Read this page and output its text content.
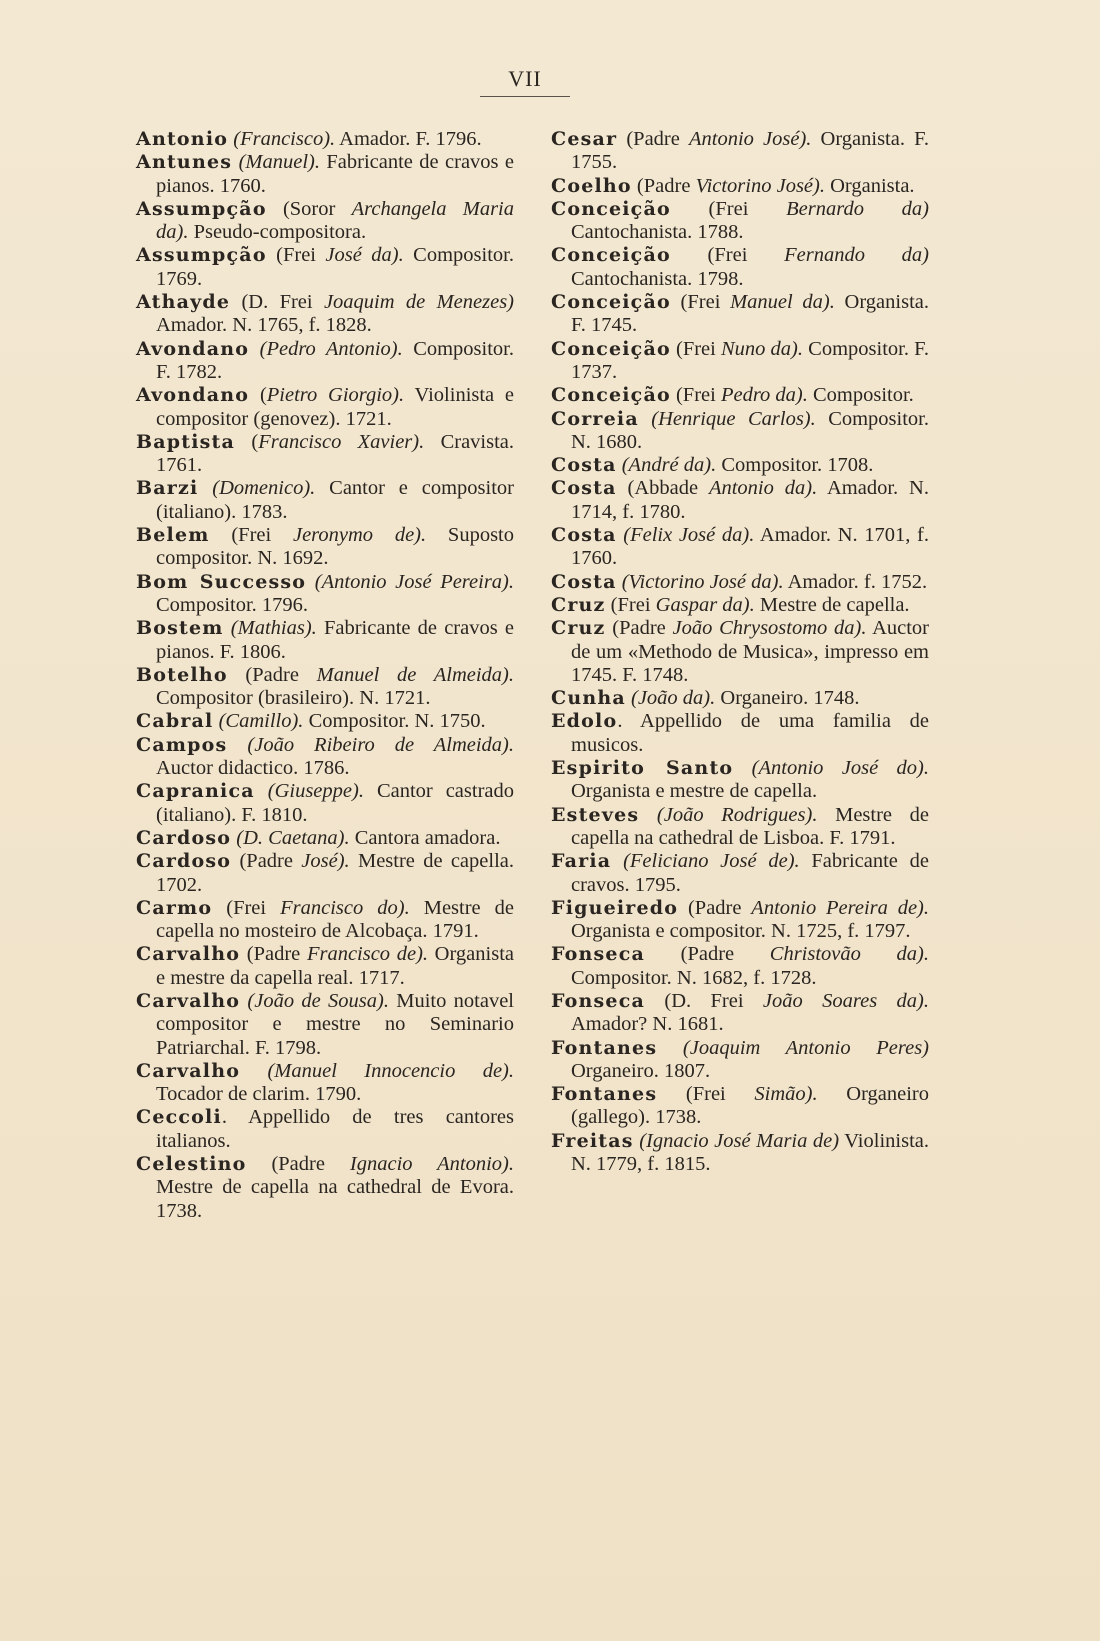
VII
Antonio (Francisco). Amador. F. 1796.
Antunes (Manuel). Fabricante de cravos e pianos. 1760.
Assumpção (Soror Archangela Maria da). Pseudo-compositora.
Assumpção (Frei José da). Compositor. 1769.
Athayde (D. Frei Joaquim de Menezes) Amador. N. 1765, f. 1828.
Avondano (Pedro Antonio). Compositor. F. 1782.
Avondano (Pietro Giorgio). Violinista e compositor (genovez). 1721.
Baptista (Francisco Xavier). Cravista. 1761.
Barzi (Domenico). Cantor e compositor (italiano). 1783.
Belem (Frei Jeronymo de). Suposto compositor. N. 1692.
Bom Successo (Antonio José Pereira). Compositor. 1796.
Bostem (Mathias). Fabricante de cravos e pianos. F. 1806.
Botelho (Padre Manuel de Almeida). Compositor (brasileiro). N. 1721.
Cabral (Camillo). Compositor. N. 1750.
Campos (João Ribeiro de Almeida). Auctor didactico. 1786.
Capranica (Giuseppe). Cantor castrado (italiano). F. 1810.
Cardoso (D. Caetana). Cantora amadora.
Cardoso (Padre José). Mestre de capella. 1702.
Carmo (Frei Francisco do). Mestre de capella no mosteiro de Alcobaça. 1791.
Carvalho (Padre Francisco de). Organista e mestre da capella real. 1717.
Carvalho (João de Sousa). Muito notavel compositor e mestre no Seminario Patriarchal. F. 1798.
Carvalho (Manuel Innocencio de). Tocador de clarim. 1790.
Ceccoli. Appellido de tres cantores italianos.
Celestino (Padre Ignacio Antonio). Mestre de capella na cathedral de Evora. 1738.
Cesar (Padre Antonio José). Organista. F. 1755.
Coelho (Padre Victorino José). Organista.
Conceição (Frei Bernardo da) Cantochanista. 1788.
Conceição (Frei Fernando da) Cantochanista. 1798.
Conceição (Frei Manuel da). Organista. F. 1745.
Conceição (Frei Nuno da). Compositor. F. 1737.
Conceição (Frei Pedro da). Compositor.
Correia (Henrique Carlos). Compositor. N. 1680.
Costa (André da). Compositor. 1708.
Costa (Abbade Antonio da). Amador. N. 1714, f. 1780.
Costa (Felix José da). Amador. N. 1701, f. 1760.
Costa (Victorino José da). Amador. f. 1752.
Cruz (Frei Gaspar da). Mestre de capella.
Cruz (Padre João Chrysostomo da). Auctor de um «Methodo de Musica», impresso em 1745. F. 1748.
Cunha (João da). Organeiro. 1748.
Edolo. Appellido de uma familia de musicos.
Espirito Santo (Antonio José do). Organista e mestre de capella.
Esteves (João Rodrigues). Mestre de capella na cathedral de Lisboa. F. 1791.
Faria (Feliciano José de). Fabricante de cravos. 1795.
Figueiredo (Padre Antonio Pereira de). Organista e compositor. N. 1725, f. 1797.
Fonseca (Padre Christovão da). Compositor. N. 1682, f. 1728.
Fonseca (D. Frei João Soares da). Amador? N. 1681.
Fontanes (Joaquim Antonio Peres) Organeiro. 1807.
Fontanes (Frei Simão). Organeiro (gallego). 1738.
Freitas (Ignacio José Maria de) Violinista. N. 1779, f. 1815.
